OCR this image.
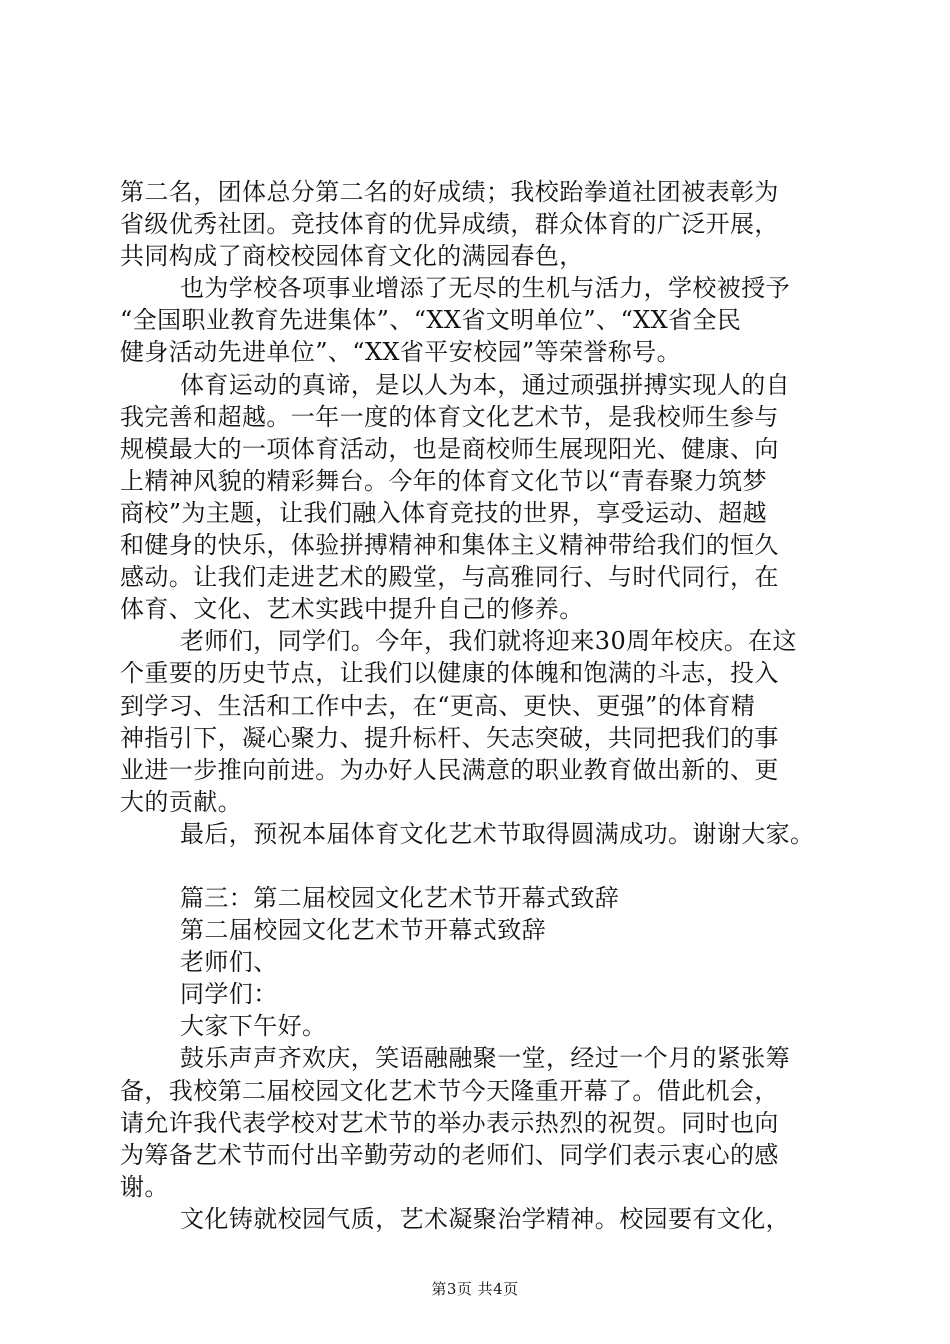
第二名，团体总分第二名的好成绩；我校跆拳道社团被表彰为

省级优秀社团。竞技体育的优异成绩，群众体育的广泛开展，

共同构成了商校校园体育文化的满园春色，

也为学校各项事业增添了无尽的生机与活力，学校被授予

“全国职业教育先进集体”、“XX省文明单位”、“XX省全民

健身活动先进单位”、“XX省平安校园”等荣誉称号。

体育运动的真谛，是以人为本，通过顽强拼搏实现人的自

我完善和超越。一年一度的体育文化艺术节，是我校师生参与

规模最大的一项体育活动，也是商校师生展现阳光、健康、向

上精神风貌的精彩舞台。今年的体育文化节以“青春聚力筑梦

商校”为主题，让我们融入体育竞技的世界，享受运动、超越

和健身的快乐，体验拼搏精神和集体主义精神带给我们的恒久

感动。让我们走进艺术的殿堂，与高雅同行、与时代同行，在

体育、文化、艺术实践中提升自己的修养。

老师们，同学们。今年，我们就将迎来30周年校庆。在这

个重要的历史节点，让我们以健康的体魄和饱满的斗志，投入

到学习、生活和工作中去，在“更高、更快、更强”的体育精

神指引下，凝心聚力、提升标杆、矢志突破，共同把我们的事

业进一步推向前进。为办好人民满意的职业教育做出新的、更

大的贡献。

最后，预祝本届体育文化艺术节取得圆满成功。谢谢大家。

篇三：第二届校园文化艺术节开幕式致辞

第二届校园文化艺术节开幕式致辞

老师们、

同学们：

大家下午好。

鼓乐声声齐欢庆，笑语融融聚一堂，经过一个月的紧张筹

备，我校第二届校园文化艺术节今天隆重开幕了。借此机会，

请允许我代表学校对艺术节的举办表示热烈的祝贺。同时也向

为筹备艺术节而付出辛勤劳动的老师们、同学们表示衷心的感

谢。

文化铸就校园气质，艺术凝聚治学精神。校园要有文化，

第3页 共4页
